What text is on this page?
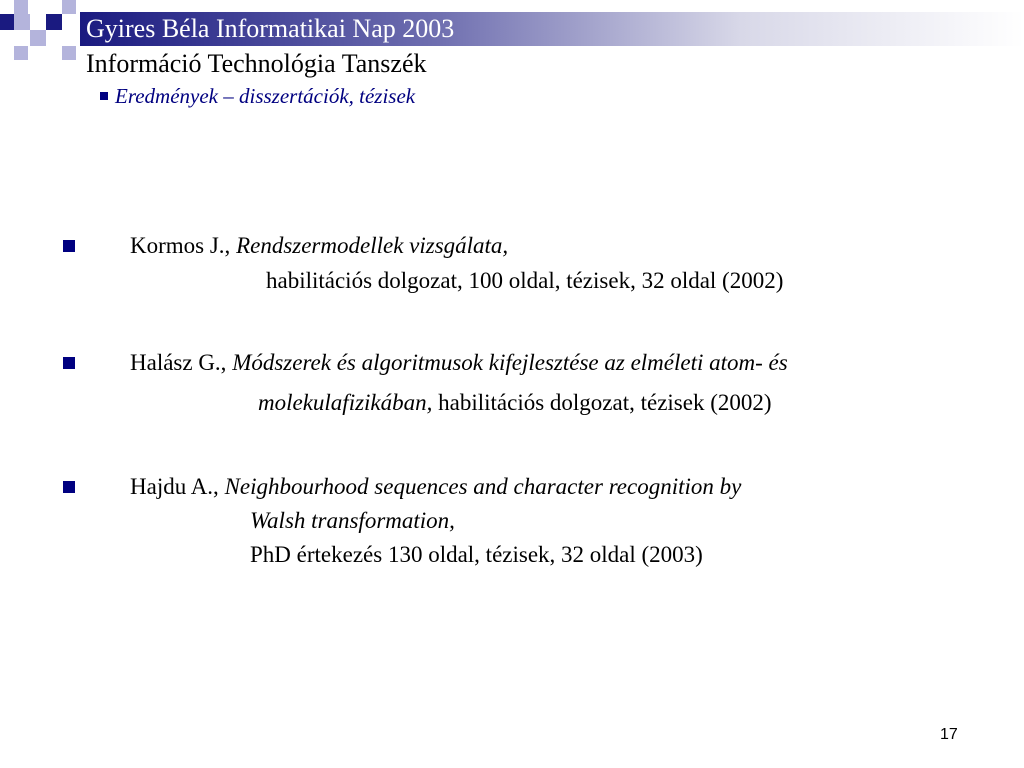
Gyires Béla Informatikai Nap 2003
Információ Technológia Tanszék
Eredmények – disszertációk, tézisek
Kormos J., Rendszermodellek vizsgálata,
habilitációs dolgozat, 100 oldal, tézisek, 32 oldal (2002)
Halász G., Módszerek és algoritmusok kifejlesztése az elméleti atom- és
molekulafizikában, habilitációs dolgozat, tézisek (2002)
Hajdu A., Neighbourhood sequences and character recognition by
Walsh transformation,
PhD értekezés 130 oldal, tézisek, 32 oldal (2003)
17
